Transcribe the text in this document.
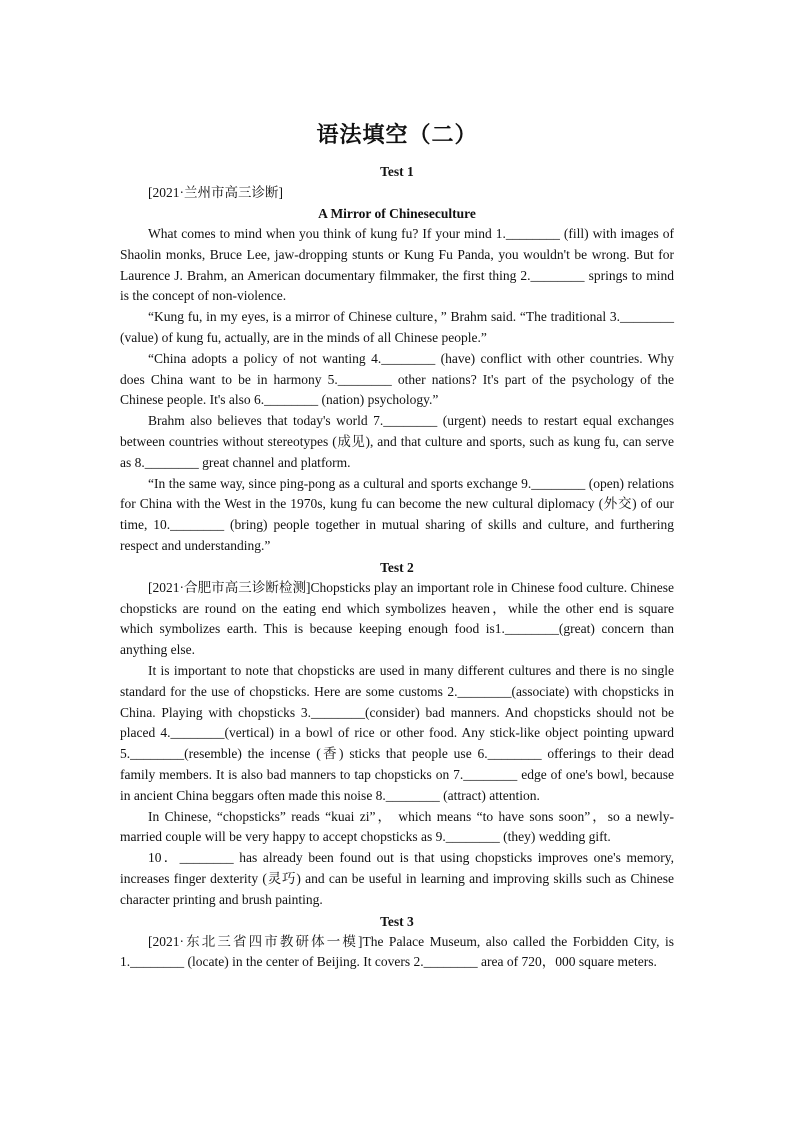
语法填空（二）
Test 1

[2021·兰州市高三诊断]

A Mirror of Chineseculture

What comes to mind when you think of kung fu? If your mind 1.________ (fill) with images of Shaolin monks, Bruce Lee, jaw-dropping stunts or Kung Fu Panda, you wouldn't be wrong. But for Laurence J. Brahm, an American documentary filmmaker, the first thing 2.________ springs to mind is the concept of non-violence.

“Kung fu, in my eyes, is a mirror of Chinese culture，” Brahm said. “The traditional 3.________ (value) of kung fu, actually, are in the minds of all Chinese people.”

“China adopts a policy of not wanting 4.________ (have) conflict with other countries. Why does China want to be in harmony 5.________ other nations? It's part of the psychology of the Chinese people. It's also 6.________ (nation) psychology.”

Brahm also believes that today's world 7.________ (urgent) needs to restart equal exchanges between countries without stereotypes (成见), and that culture and sports, such as kung fu, can serve as 8.________ great channel and platform.

“In the same way, since ping-pong as a cultural and sports exchange 9.________ (open) relations for China with the West in the 1970s, kung fu can become the new cultural diplomacy (外交) of our time, 10.________ (bring) people together in mutual sharing of skills and culture, and furthering respect and understanding.”

Test 2

[2021·合肥市高三诊断检测]Chopsticks play an important role in Chinese food culture. Chinese chopsticks are round on the eating end which symbolizes heaven，while the other end is square which symbolizes earth. This is because keeping enough food is1.________(great) concern than anything else.

It is important to note that chopsticks are used in many different cultures and there is no single standard for the use of chopsticks. Here are some customs 2.________(associate) with chopsticks in China. Playing with chopsticks 3.________(consider) bad manners. And chopsticks should not be placed 4.________(vertical) in a bowl of rice or other food. Any stick-like object pointing upward 5.________(resemble) the incense (香) sticks that people use 6.________ offerings to their dead family members. It is also bad manners to tap chopsticks on 7.________ edge of one's bowl, because in ancient China beggars often made this noise 8.________ (attract) attention.

In Chinese, “chopsticks” reads “kuai zi”， which means “to have sons soon”，so a newly-married couple will be very happy to accept chopsticks as 9.________ (they) wedding gift.

10．________ has already been found out is that using chopsticks improves one's memory, increases finger dexterity (灵巧) and can be useful in learning and improving skills such as Chinese character printing and brush painting.

Test 3

[2021·东北三省四市教研体一模]The Palace Museum, also called the Forbidden City, is 1.________ (locate) in the center of Beijing. It covers 2.________ area of 720，000 square meters.
